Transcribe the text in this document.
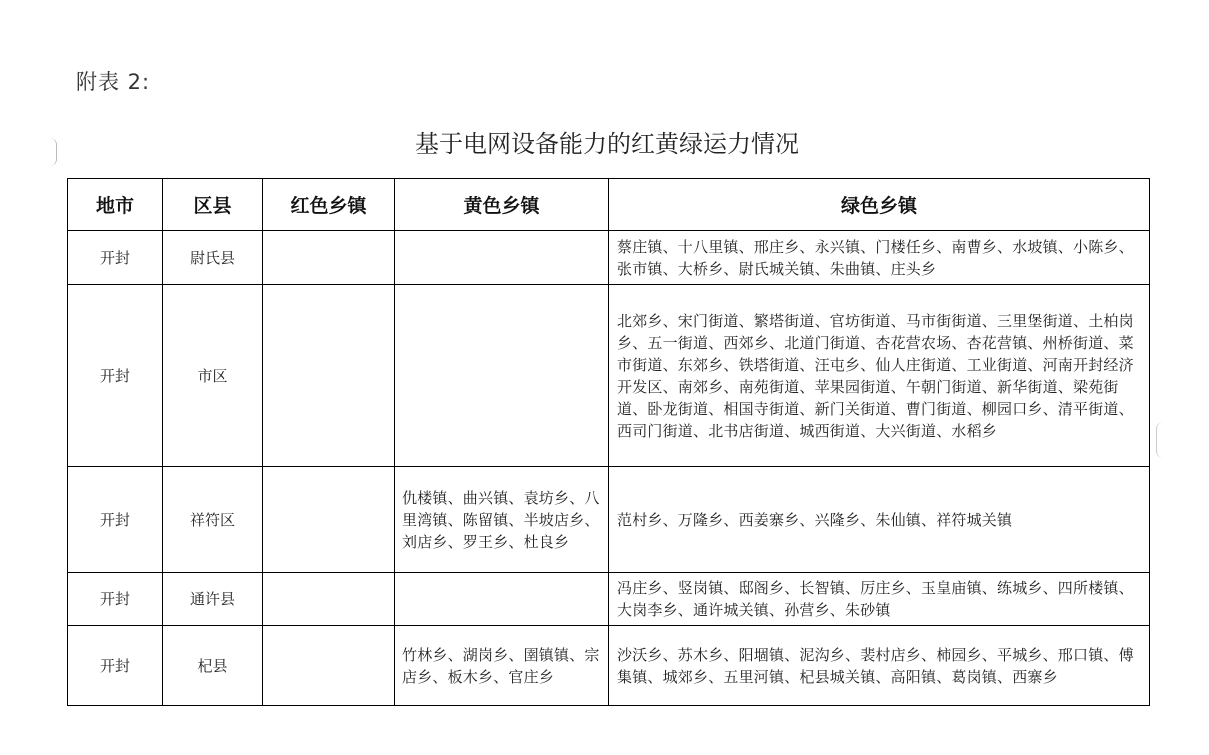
附表 2:
基于电网设备能力的红黄绿运力情况
地市	区县	红色乡镇	黄色乡镇	绿色乡镇
开封	尉氏县			蔡庄镇、十八里镇、邢庄乡、永兴镇、门楼任乡、南曹乡、水坡镇、小陈乡、张市镇、大桥乡、尉氏城关镇、朱曲镇、庄头乡
开封	市区			北郊乡、宋门街道、繁塔街道、官坊街道、马市街街道、三里堡街道、土柏岗乡、五一街道、西郊乡、北道门街道、杏花营农场、杏花营镇、州桥街道、菜市街道、东郊乡、铁塔街道、汪屯乡、仙人庄街道、工业街道、河南开封经济开发区、南郊乡、南苑街道、苹果园街道、午朝门街道、新华街道、梁苑街道、卧龙街道、相国寺街道、新门关街道、曹门街道、柳园口乡、清平街道、西司门街道、北书店街道、城西街道、大兴街道、水稻乡
开封	祥符区		仇楼镇、曲兴镇、袁坊乡、八里湾镇、陈留镇、半坡店乡、刘店乡、罗王乡、杜良乡	范村乡、万隆乡、西姜寨乡、兴隆乡、朱仙镇、祥符城关镇
开封	通许县			冯庄乡、竖岗镇、邸阁乡、长智镇、厉庄乡、玉皇庙镇、练城乡、四所楼镇、大岗李乡、通许城关镇、孙营乡、朱砂镇
开封	杞县		竹林乡、湖岗乡、圉镇镇、宗店乡、板木乡、官庄乡	沙沃乡、苏木乡、阳堌镇、泥沟乡、裴村店乡、柿园乡、平城乡、邢口镇、傅集镇、城郊乡、五里河镇、杞县城关镇、高阳镇、葛岗镇、西寨乡
